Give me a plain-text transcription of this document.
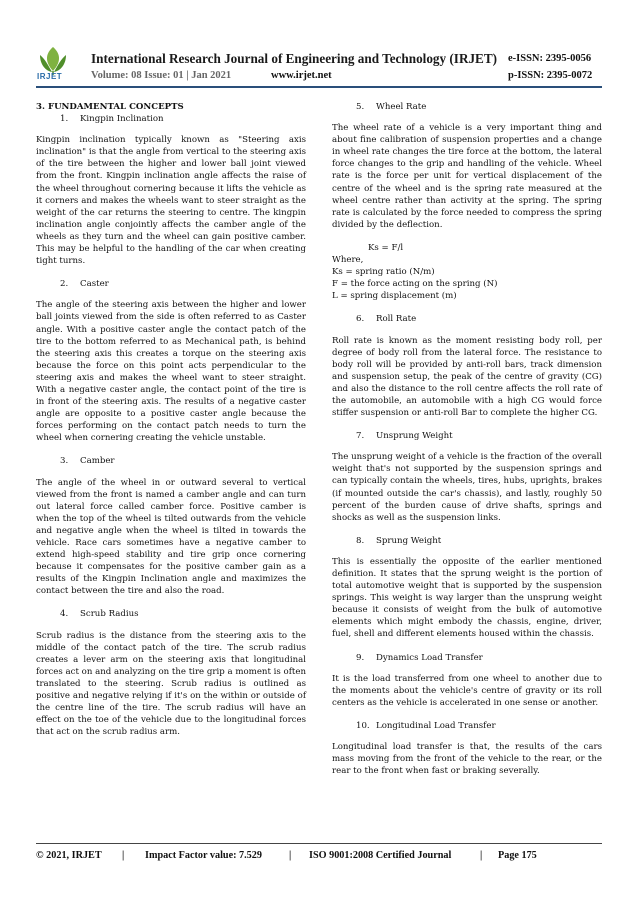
IRJET
International Research Journal of Engineering and Technology (IRJET) e-ISSN: 2395-0056
Volume: 08 Issue: 01 | Jan 2021	www.irjet.net	p-ISSN: 2395-0072

3. FUNDAMENTAL CONCEPTS

1. Kingpin Inclination

Kingpin inclination typically known as "Steering axis inclination" is that the angle from vertical to the steering axis of the tire between the higher and lower ball joint viewed from the front. Kingpin inclination angle affects the raise of the wheel throughout cornering because it lifts the vehicle as it corners and makes the wheels want to steer straight as the weight of the car returns the steering to centre. The kingpin inclination angle conjointly affects the camber angle of the wheels as they turn and the wheel can gain positive camber. This may be helpful to the handling of the car when creating tight turns.

2. Caster

The angle of the steering axis between the higher and lower ball joints viewed from the side is often referred to as Caster angle. With a positive caster angle the contact patch of the tire to the bottom referred to as Mechanical path, is behind the steering axis this creates a torque on the steering axis because the force on this point acts perpendicular to the steering axis and makes the wheel want to steer straight. With a negative caster angle, the contact point of the tire is in front of the steering axis. The results of a negative caster angle are opposite to a positive caster angle because the forces performing on the contact patch needs to turn the wheel when cornering creating the vehicle unstable.

3. Camber

The angle of the wheel in or outward several to vertical viewed from the front is named a camber angle and can turn out lateral force called camber force. Positive camber is when the top of the wheel is tilted outwards from the vehicle and negative angle when the wheel is tilted in towards the vehicle. Race cars sometimes have a negative camber to extend high-speed stability and tire grip once cornering because it compensates for the positive camber gain as a results of the Kingpin Inclination angle and maximizes the contact between the tire and also the road.

4. Scrub Radius

Scrub radius is the distance from the steering axis to the middle of the contact patch of the tire. The scrub radius creates a lever arm on the steering axis that longitudinal forces act on and analyzing on the tire grip a moment is often translated to the steering. Scrub radius is outlined as positive and negative relying if it's on the within or outside of the centre line of the tire. The scrub radius will have an effect on the toe of the vehicle due to the longitudinal forces that act on the scrub radius arm.

5. Wheel Rate

The wheel rate of a vehicle is a very important thing and about fine calibration of suspension properties and a change in wheel rate changes the tire force at the bottom, the lateral force changes to the grip and handling of the vehicle. Wheel rate is the force per unit for vertical displacement of the centre of the wheel and is the spring rate measured at the wheel centre rather than activity at the spring. The spring rate is calculated by the force needed to compress the spring divided by the deflection.

Ks = F/l

Where,

Ks = spring ratio (N/m)

F = the force acting on the spring (N)

L = spring displacement (m)

6. Roll Rate

Roll rate is known as the moment resisting body roll, per degree of body roll from the lateral force. The resistance to body roll will be provided by anti-roll bars, track dimension and suspension setup, the peak of the centre of gravity (CG) and also the distance to the roll centre affects the roll rate of the automobile, an automobile with a high CG would force stiffer suspension or anti-roll Bar to complete the higher CG.

7. Unsprung Weight

The unsprung weight of a vehicle is the fraction of the overall weight that's not supported by the suspension springs and can typically contain the wheels, tires, hubs, uprights, brakes (if mounted outside the car's chassis), and lastly, roughly 50 percent of the burden cause of drive shafts, springs and shocks as well as the suspension links.

8. Sprung Weight

This is essentially the opposite of the earlier mentioned definition. It states that the sprung weight is the portion of total automotive weight that is supported by the suspension springs. This weight is way larger than the unsprung weight because it consists of weight from the bulk of automotive elements which might embody the chassis, engine, driver, fuel, shell and different elements housed within the chassis.

9. Dynamics Load Transfer

It is the load transferred from one wheel to another due to the moments about the vehicle's centre of gravity or its roll centers as the vehicle is accelerated in one sense or another.

10. Longitudinal Load Transfer

Longitudinal load transfer is that, the results of the cars mass moving from the front of the vehicle to the rear, or the rear to the front when fast or braking severally.

© 2021, IRJET | Impact Factor value: 7.529	| ISO 9001:2008 Certified Journal	| Page 175
